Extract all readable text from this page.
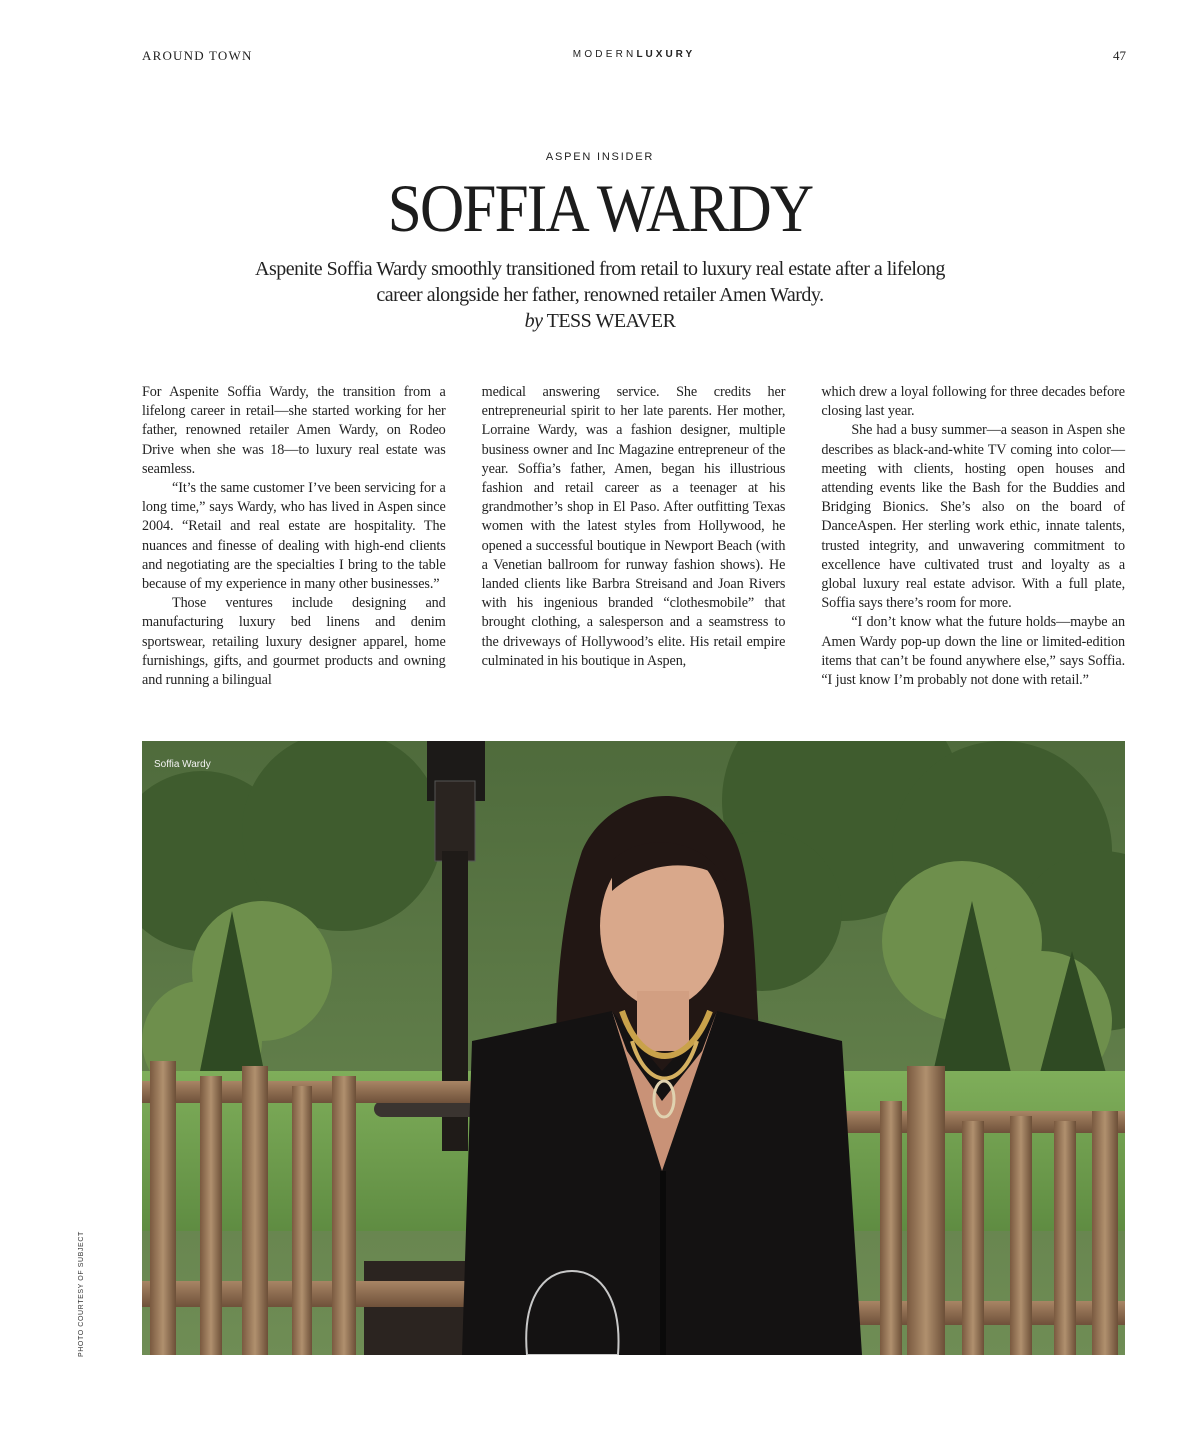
AROUND TOWN	MODERNLUXURY	47
ASPEN INSIDER
SOFFIA WARDY
Aspenite Soffia Wardy smoothly transitioned from retail to luxury real estate after a lifelong career alongside her father, renowned retailer Amen Wardy.
by TESS WEAVER

For Aspenite Soffia Wardy, the transition from a lifelong career in retail—she started working for her father, renowned retailer Amen Wardy, on Rodeo Drive when she was 18—to luxury real estate was seamless.

“It’s the same customer I’ve been servicing for a long time,” says Wardy, who has lived in Aspen since 2004. “Retail and real estate are hospitality. The nuances and finesse of dealing with high-end clients and negotiating are the specialties I bring to the table because of my experience in many other businesses.”

Those ventures include designing and manufacturing luxury bed linens and denim sportswear, retailing luxury designer apparel, home furnishings, gifts, and gourmet products and owning and running a bilingual

medical answering service. She credits her entrepreneurial spirit to her late parents. Her mother, Lorraine Wardy, was a fashion designer, multiple business owner and Inc Magazine entrepreneur of the year. Soffia’s father, Amen, began his illustrious fashion and retail career as a teenager at his grandmother’s shop in El Paso. After outfitting Texas women with the latest styles from Hollywood, he opened a successful boutique in Newport Beach (with a Venetian ballroom for runway fashion shows). He landed clients like Barbra Streisand and Joan Rivers with his ingenious branded “clothesmobile” that brought clothing, a salesperson and a seamstress to the driveways of Hollywood’s elite. His retail empire culminated in his boutique in Aspen,

which drew a loyal following for three decades before closing last year.

She had a busy summer—a season in Aspen she describes as black-and-white TV coming into color—meeting with clients, hosting open houses and attending events like the Bash for the Buddies and Bridging Bionics. She’s also on the board of DanceAspen. Her sterling work ethic, innate talents, trusted integrity, and unwavering commitment to excellence have cultivated trust and loyalty as a global luxury real estate advisor. With a full plate, Soffia says there’s room for more.

“I don’t know what the future holds—maybe an Amen Wardy pop-up down the line or limited-edition items that can’t be found anywhere else,” says Soffia. “I just know I’m probably not done with retail.”

Soffia Wardy
PHOTO COURTESY OF SUBJECT
